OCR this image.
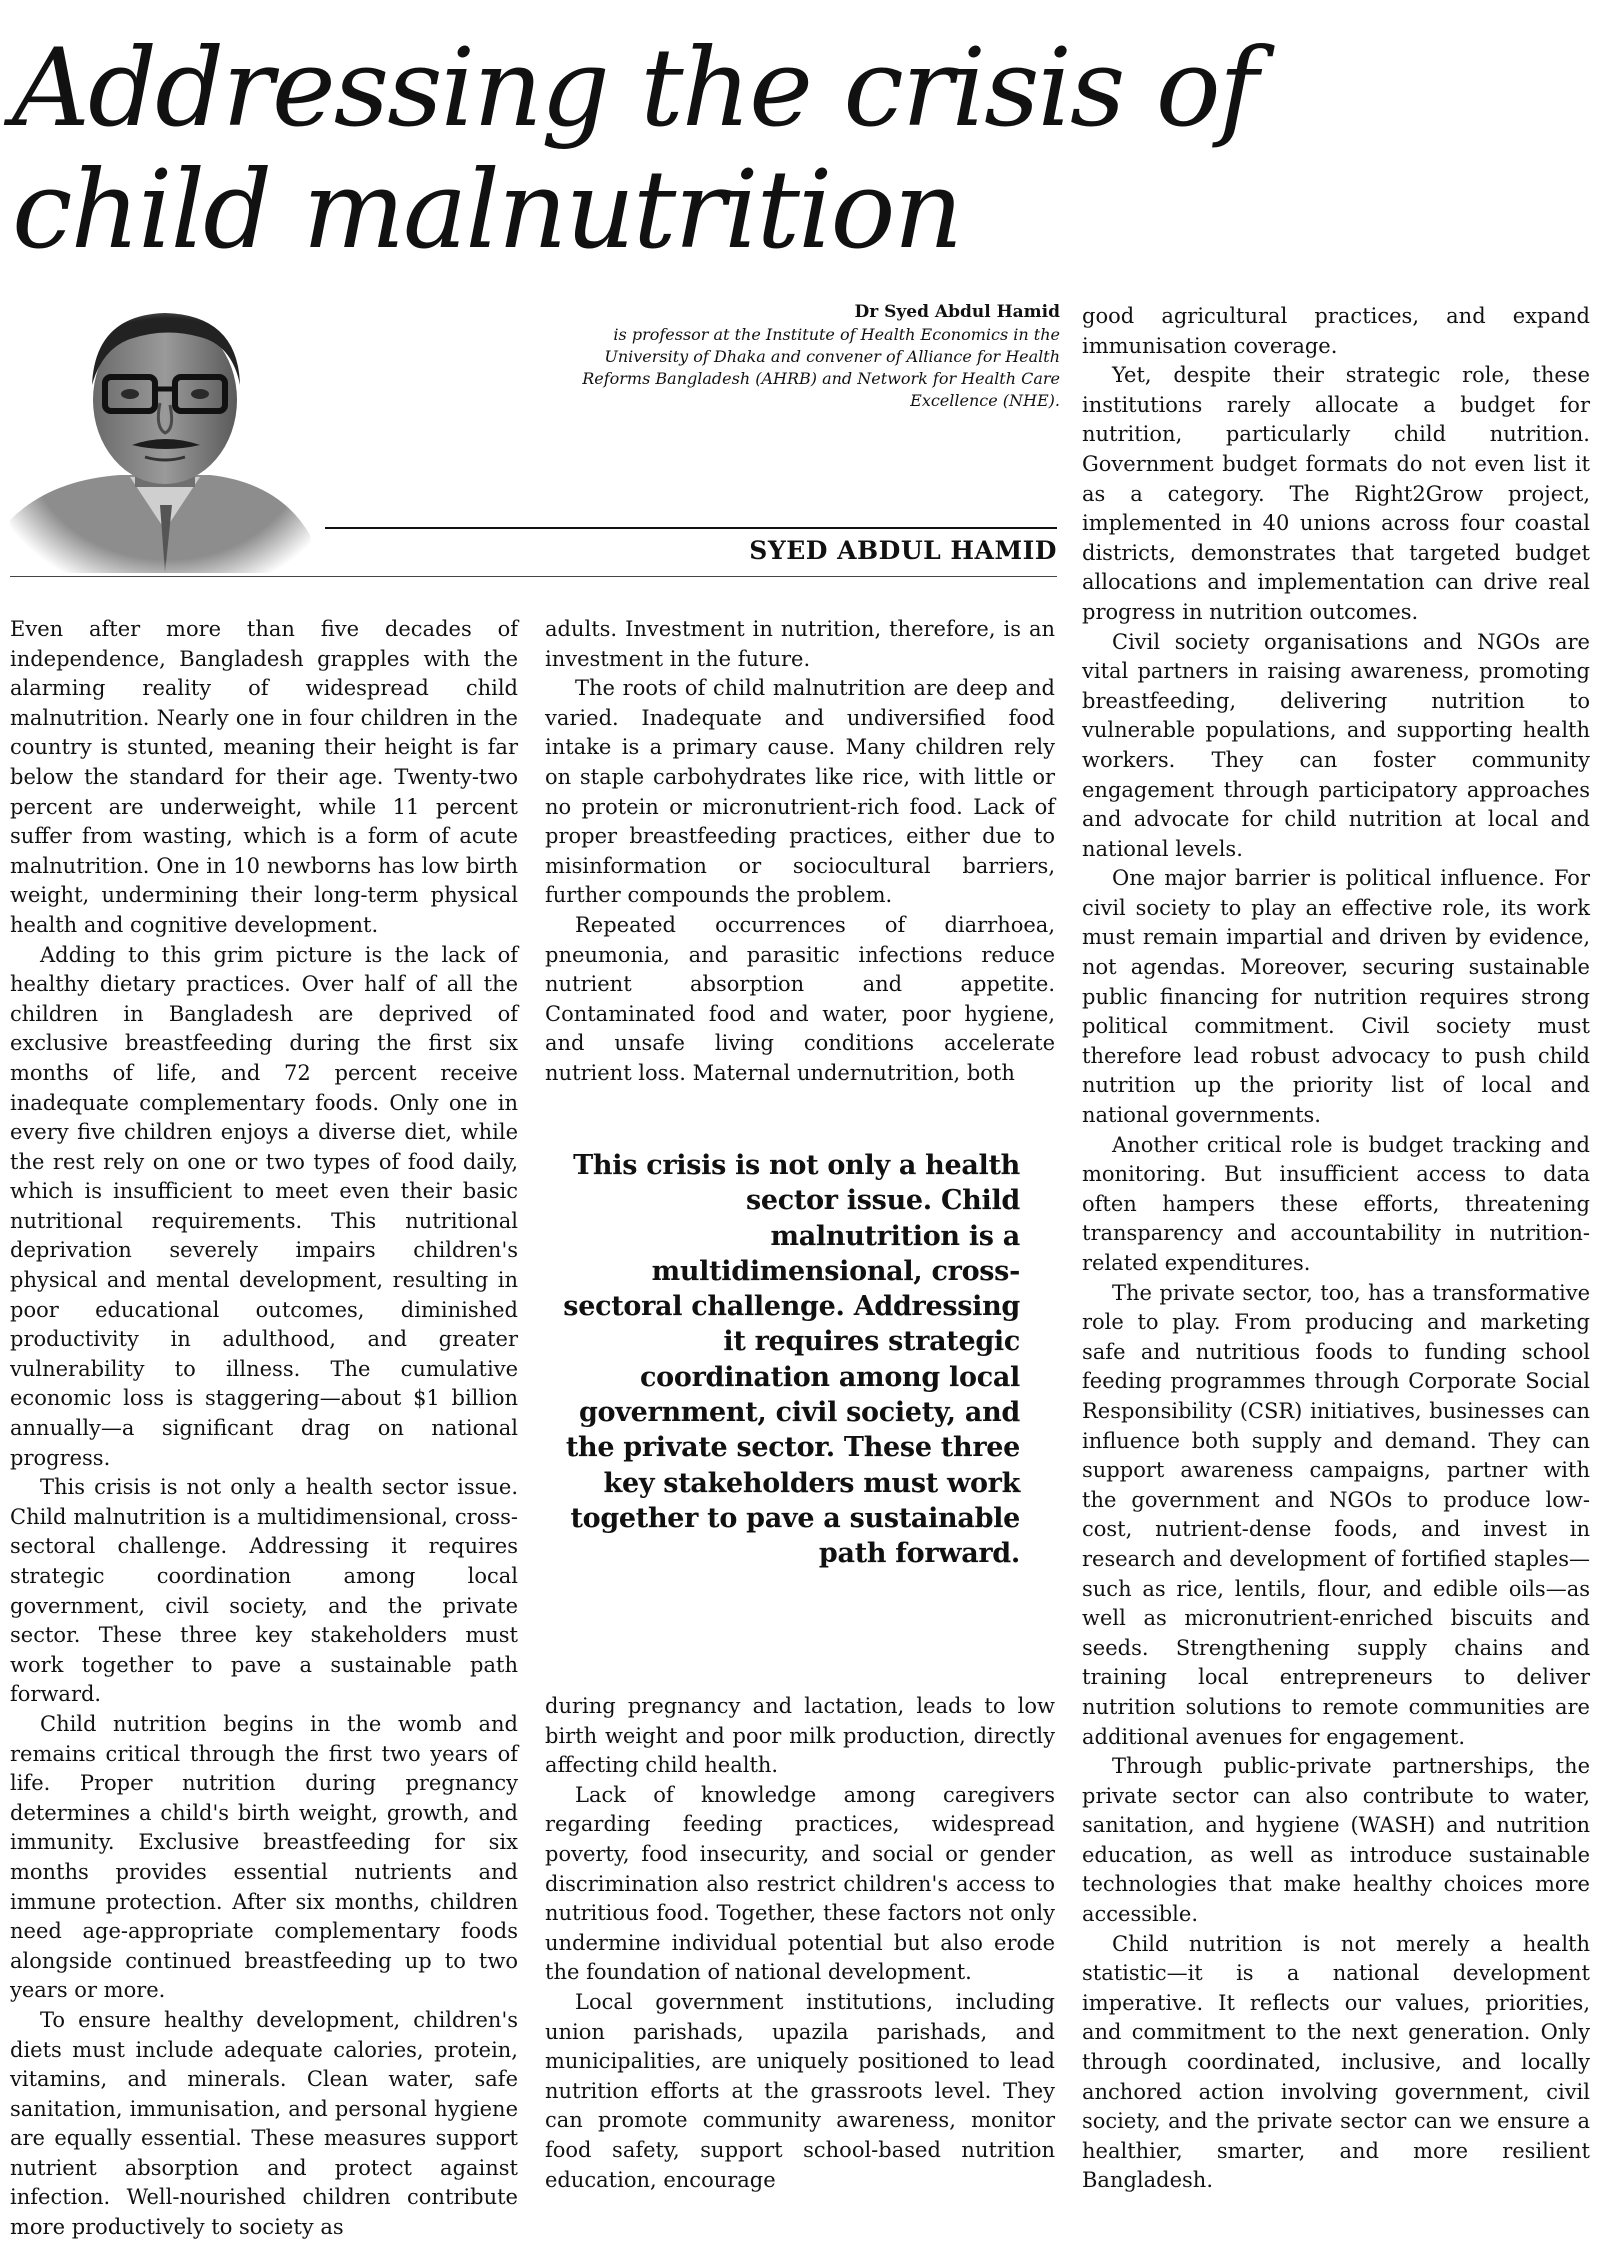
Addressing the crisis of
child malnutrition
Dr Syed Abdul Hamid
is professor at the Institute of Health Economics in the University of Dhaka and convener of Alliance for Health Reforms Bangladesh (AHRB) and Network for Health Care Excellence (NHE).
SYED ABDUL HAMID

Even after more than five decades of independence, Bangladesh grapples with the alarming reality of widespread child malnutrition. Nearly one in four children in the country is stunted, meaning their height is far below the standard for their age. Twenty-two percent are underweight, while 11 percent suffer from wasting, which is a form of acute malnutrition. One in 10 newborns has low birth weight, undermining their long-term physical health and cognitive development.

Adding to this grim picture is the lack of healthy dietary practices. Over half of all the children in Bangladesh are deprived of exclusive breastfeeding during the first six months of life, and 72 percent receive inadequate complementary foods. Only one in every five children enjoys a diverse diet, while the rest rely on one or two types of food daily, which is insufficient to meet even their basic nutritional requirements. This nutritional deprivation severely impairs children's physical and mental development, resulting in poor educational outcomes, diminished productivity in adulthood, and greater vulnerability to illness. The cumulative economic loss is staggering—about $1 billion annually—a significant drag on national progress.

This crisis is not only a health sector issue. Child malnutrition is a multidimensional, cross-sectoral challenge. Addressing it requires strategic coordination among local government, civil society, and the private sector. These three key stakeholders must work together to pave a sustainable path forward.

Child nutrition begins in the womb and remains critical through the first two years of life. Proper nutrition during pregnancy determines a child's birth weight, growth, and immunity. Exclusive breastfeeding for six months provides essential nutrients and immune protection. After six months, children need age-appropriate complementary foods alongside continued breastfeeding up to two years or more.

To ensure healthy development, children's diets must include adequate calories, protein, vitamins, and minerals. Clean water, safe sanitation, immunisation, and personal hygiene are equally essential. These measures support nutrient absorption and protect against infection. Well-nourished children contribute more productively to society as

adults. Investment in nutrition, therefore, is an investment in the future.

The roots of child malnutrition are deep and varied. Inadequate and undiversified food intake is a primary cause. Many children rely on staple carbohydrates like rice, with little or no protein or micronutrient-rich food. Lack of proper breastfeeding practices, either due to misinformation or sociocultural barriers, further compounds the problem.

Repeated occurrences of diarrhoea, pneumonia, and parasitic infections reduce nutrient absorption and appetite. Contaminated food and water, poor hygiene, and unsafe living conditions accelerate nutrient loss. Maternal undernutrition, both

This crisis is not only a health sector issue. Child malnutrition is a multidimensional, cross-sectoral challenge. Addressing it requires strategic coordination among local government, civil society, and the private sector. These three key stakeholders must work together to pave a sustainable path forward.

during pregnancy and lactation, leads to low birth weight and poor milk production, directly affecting child health.

Lack of knowledge among caregivers regarding feeding practices, widespread poverty, food insecurity, and social or gender discrimination also restrict children's access to nutritious food. Together, these factors not only undermine individual potential but also erode the foundation of national development.

Local government institutions, including union parishads, upazila parishads, and municipalities, are uniquely positioned to lead nutrition efforts at the grassroots level. They can promote community awareness, monitor food safety, support school-based nutrition education, encourage

good agricultural practices, and expand immunisation coverage.

Yet, despite their strategic role, these institutions rarely allocate a budget for nutrition, particularly child nutrition. Government budget formats do not even list it as a category. The Right2Grow project, implemented in 40 unions across four coastal districts, demonstrates that targeted budget allocations and implementation can drive real progress in nutrition outcomes.

Civil society organisations and NGOs are vital partners in raising awareness, promoting breastfeeding, delivering nutrition to vulnerable populations, and supporting health workers. They can foster community engagement through participatory approaches and advocate for child nutrition at local and national levels.

One major barrier is political influence. For civil society to play an effective role, its work must remain impartial and driven by evidence, not agendas. Moreover, securing sustainable public financing for nutrition requires strong political commitment. Civil society must therefore lead robust advocacy to push child nutrition up the priority list of local and national governments.

Another critical role is budget tracking and monitoring. But insufficient access to data often hampers these efforts, threatening transparency and accountability in nutrition-related expenditures.

The private sector, too, has a transformative role to play. From producing and marketing safe and nutritious foods to funding school feeding programmes through Corporate Social Responsibility (CSR) initiatives, businesses can influence both supply and demand. They can support awareness campaigns, partner with the government and NGOs to produce low-cost, nutrient-dense foods, and invest in research and development of fortified staples—such as rice, lentils, flour, and edible oils—as well as micronutrient-enriched biscuits and seeds. Strengthening supply chains and training local entrepreneurs to deliver nutrition solutions to remote communities are additional avenues for engagement.

Through public-private partnerships, the private sector can also contribute to water, sanitation, and hygiene (WASH) and nutrition education, as well as introduce sustainable technologies that make healthy choices more accessible.

Child nutrition is not merely a health statistic—it is a national development imperative. It reflects our values, priorities, and commitment to the next generation. Only through coordinated, inclusive, and locally anchored action involving government, civil society, and the private sector can we ensure a healthier, smarter, and more resilient Bangladesh.
